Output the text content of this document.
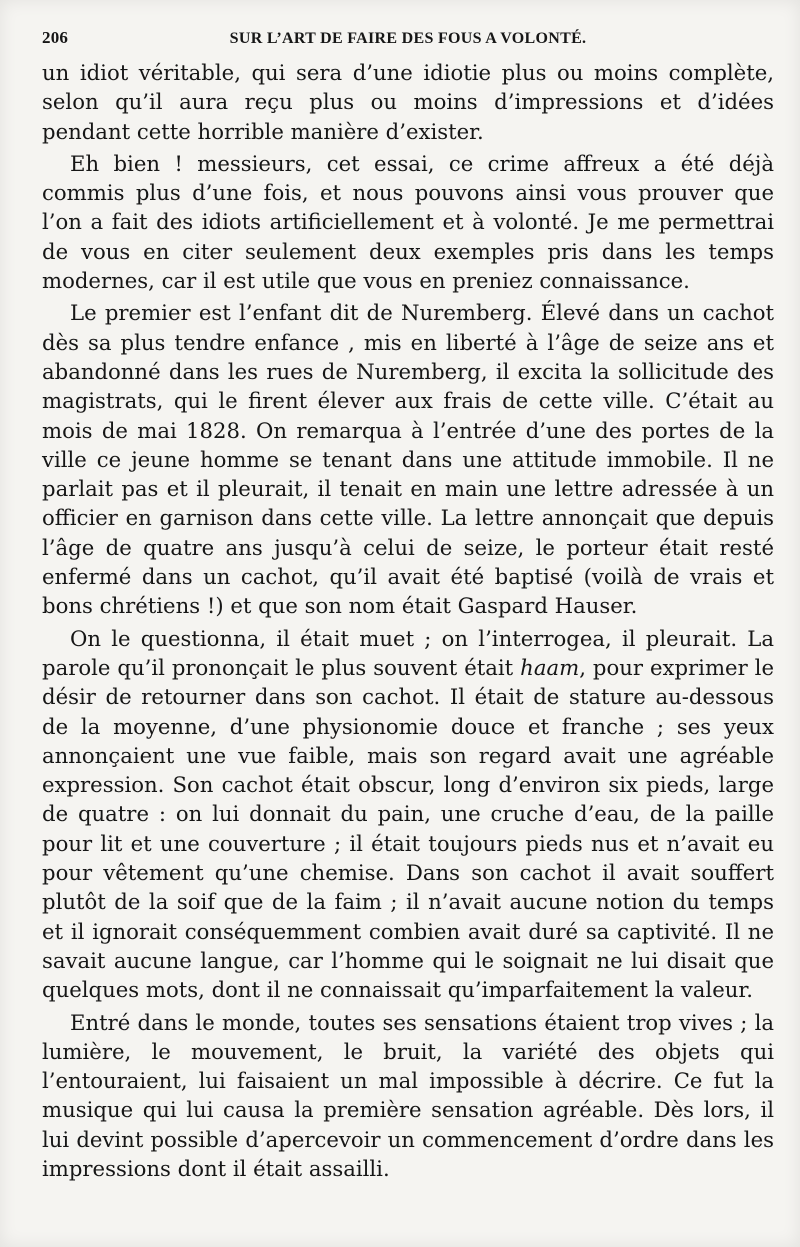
206	SUR L’ART DE FAIRE DES FOUS A VOLONTÉ.

un idiot véritable, qui sera d’une idiotie plus ou moins complète, selon qu’il aura reçu plus ou moins d’impressions et d’idées pendant cette horrible manière d’exister.

Eh bien ! messieurs, cet essai, ce crime affreux a été déjà commis plus d’une fois, et nous pouvons ainsi vous prouver que l’on a fait des idiots artificiellement et à volonté. Je me permettrai de vous en citer seulement deux exemples pris dans les temps modernes, car il est utile que vous en preniez connaissance.

Le premier est l’enfant dit de Nuremberg. Élevé dans un cachot dès sa plus tendre enfance , mis en liberté à l’âge de seize ans et abandonné dans les rues de Nuremberg, il excita la sollicitude des magistrats, qui le firent élever aux frais de cette ville. C’était au mois de mai 1828. On remarqua à l’entrée d’une des portes de la ville ce jeune homme se tenant dans une attitude immobile. Il ne parlait pas et il pleurait, il tenait en main une lettre adressée à un officier en garnison dans cette ville. La lettre annonçait que depuis l’âge de quatre ans jusqu’à celui de seize, le porteur était resté enfermé dans un cachot, qu’il avait été baptisé (voilà de vrais et bons chrétiens !) et que son nom était Gaspard Hauser.

On le questionna, il était muet ; on l’interrogea, il pleurait. La parole qu’il prononçait le plus souvent était haam, pour exprimer le désir de retourner dans son cachot. Il était de stature au-dessous de la moyenne, d’une physionomie douce et franche ; ses yeux annonçaient une vue faible, mais son regard avait une agréable expression. Son cachot était obscur, long d’environ six pieds, large de quatre : on lui donnait du pain, une cruche d’eau, de la paille pour lit et une couverture ; il était toujours pieds nus et n’avait eu pour vêtement qu’une chemise. Dans son cachot il avait souffert plutôt de la soif que de la faim ; il n’avait aucune notion du temps et il ignorait conséquemment combien avait duré sa captivité. Il ne savait aucune langue, car l’homme qui le soignait ne lui disait que quelques mots, dont il ne connaissait qu’imparfaitement la valeur.

Entré dans le monde, toutes ses sensations étaient trop vives ; la lumière, le mouvement, le bruit, la variété des objets qui l’entouraient, lui faisaient un mal impossible à décrire. Ce fut la musique qui lui causa la première sensation agréable. Dès lors, il lui devint possible d’apercevoir un commencement d’ordre dans les impressions dont il était assailli.
